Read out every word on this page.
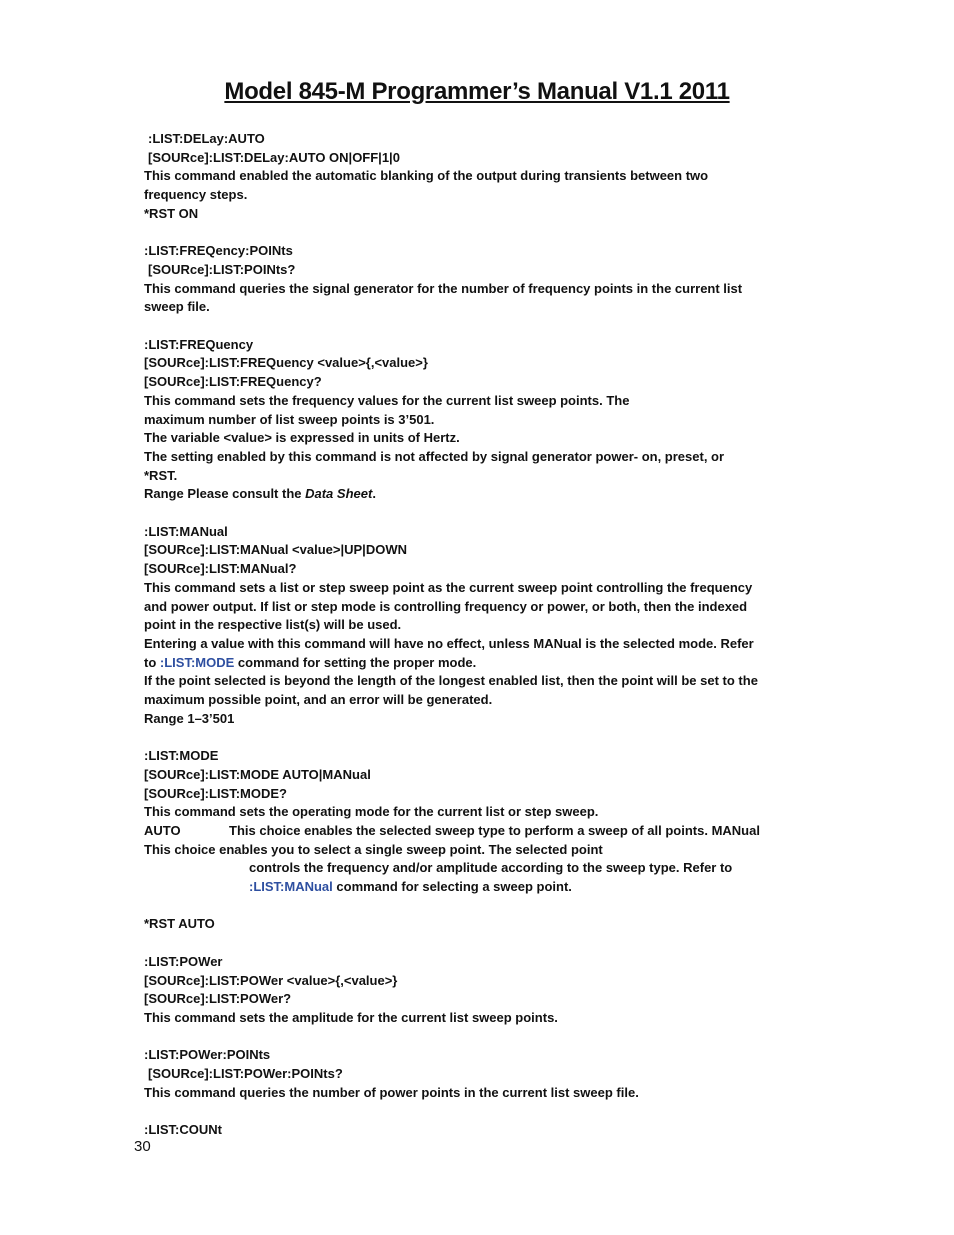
Model 845-M Programmer’s Manual V1.1 2011
:LIST:DELay:AUTO
[SOURce]:LIST:DELay:AUTO ON|OFF|1|0
This command enabled the automatic blanking of the output during transients between two
frequency steps.
*RST ON
:LIST:FREQency:POINts
[SOURce]:LIST:POINts?
This command queries the signal generator for the number of frequency points in the current list
sweep file.
:LIST:FREQuency
[SOURce]:LIST:FREQuency <value>{,<value>}
[SOURce]:LIST:FREQuency?
This command sets the frequency values for the current list sweep points. The
maximum number of list sweep points is 3’501.
The variable <value> is expressed in units of Hertz.
The setting enabled by this command is not affected by signal generator power- on, preset, or
*RST.
Range Please consult the Data Sheet.
:LIST:MANual
[SOURce]:LIST:MANual <value>|UP|DOWN
[SOURce]:LIST:MANual?
This command sets a list or step sweep point as the current sweep point controlling the frequency
and power output. If list or step mode is controlling frequency or power, or both, then the indexed
point in the respective list(s) will be used.
Entering a value with this command will have no effect, unless MANual is the selected mode. Refer
to :LIST:MODE command for setting the proper mode.
If the point selected is beyond the length of the longest enabled list, then the point will be set to the
maximum possible point, and an error will be generated.
Range 1–3’501
:LIST:MODE
[SOURce]:LIST:MODE AUTO|MANual
[SOURce]:LIST:MODE?
This command sets the operating mode for the current list or step sweep.
AUTO	This choice enables the selected sweep type to perform a sweep of all points. MANual
This choice enables you to select a single sweep point. The selected point
controls the frequency and/or amplitude according to the sweep type. Refer to
:LIST:MANual command for selecting a sweep point.
*RST AUTO
:LIST:POWer
[SOURce]:LIST:POWer <value>{,<value>}
[SOURce]:LIST:POWer?
This command sets the amplitude for the current list sweep points.
:LIST:POWer:POINts
[SOURce]:LIST:POWer:POINts?
This command queries the number of power points in the current list sweep file.
:LIST:COUNt
30
